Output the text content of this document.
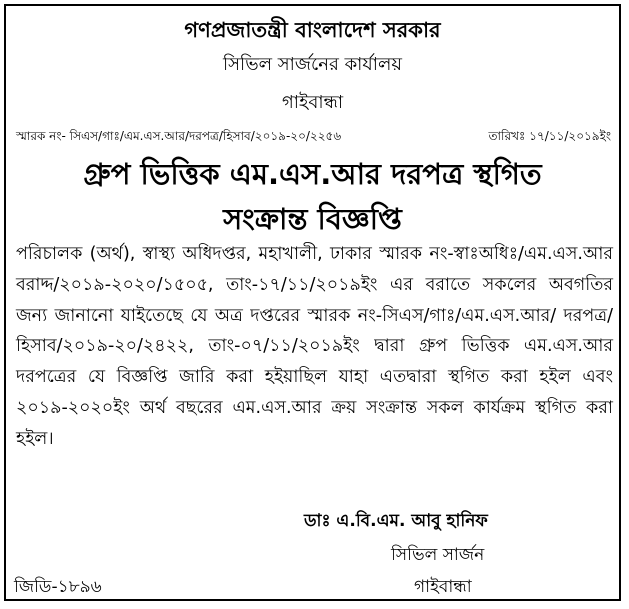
গণপ্রজাতন্ত্রী বাংলাদেশ সরকার
সিভিল সার্জনের কার্যালয়
গাইবান্ধা
স্মারক নং- সিএস/গাঃ/এম.এস.আর/দরপত্র/হিসাব/২০১৯-২০/২২৫৬	তারিখঃ ১৭/১১/২০১৯ইং
গ্রুপ ভিত্তিক এম.এস.আর দরপত্র স্থগিত
সংক্রান্ত বিজ্ঞপ্তি
পরিচালক (অর্থ), স্বাস্থ্য অধিদপ্তর, মহাখালী, ঢাকার স্মারক নং-স্বাঃঅধিঃ/এম.এস.আর বরাদ্দ/২০১৯-২০২০/১৫০৫, তাং-১৭/১১/২০১৯ইং এর বরাতে সকলের অবগতির জন্য জানানো যাইতেছে যে অত্র দপ্তরের স্মারক নং-সিএস/গাঃ/এম.এস.আর/ দরপত্র/হিসাব/২০১৯-২০/২৪২২, তাং-০৭/১১/২০১৯ইং দ্বারা গ্রুপ ভিত্তিক এম.এস.আর দরপত্রের যে বিজ্ঞপ্তি জারি করা হইয়াছিল যাহা এতদ্বারা স্থগিত করা হইল এবং ২০১৯-২০২০ইং অর্থ বছরের এম.এস.আর ক্রয় সংক্রান্ত সকল কার্যক্রম স্থগিত করা হইল।
ডাঃ এ.বি.এম. আবু হানিফ
সিভিল সার্জন
জিডি-১৮৯৬	গাইবান্ধা
